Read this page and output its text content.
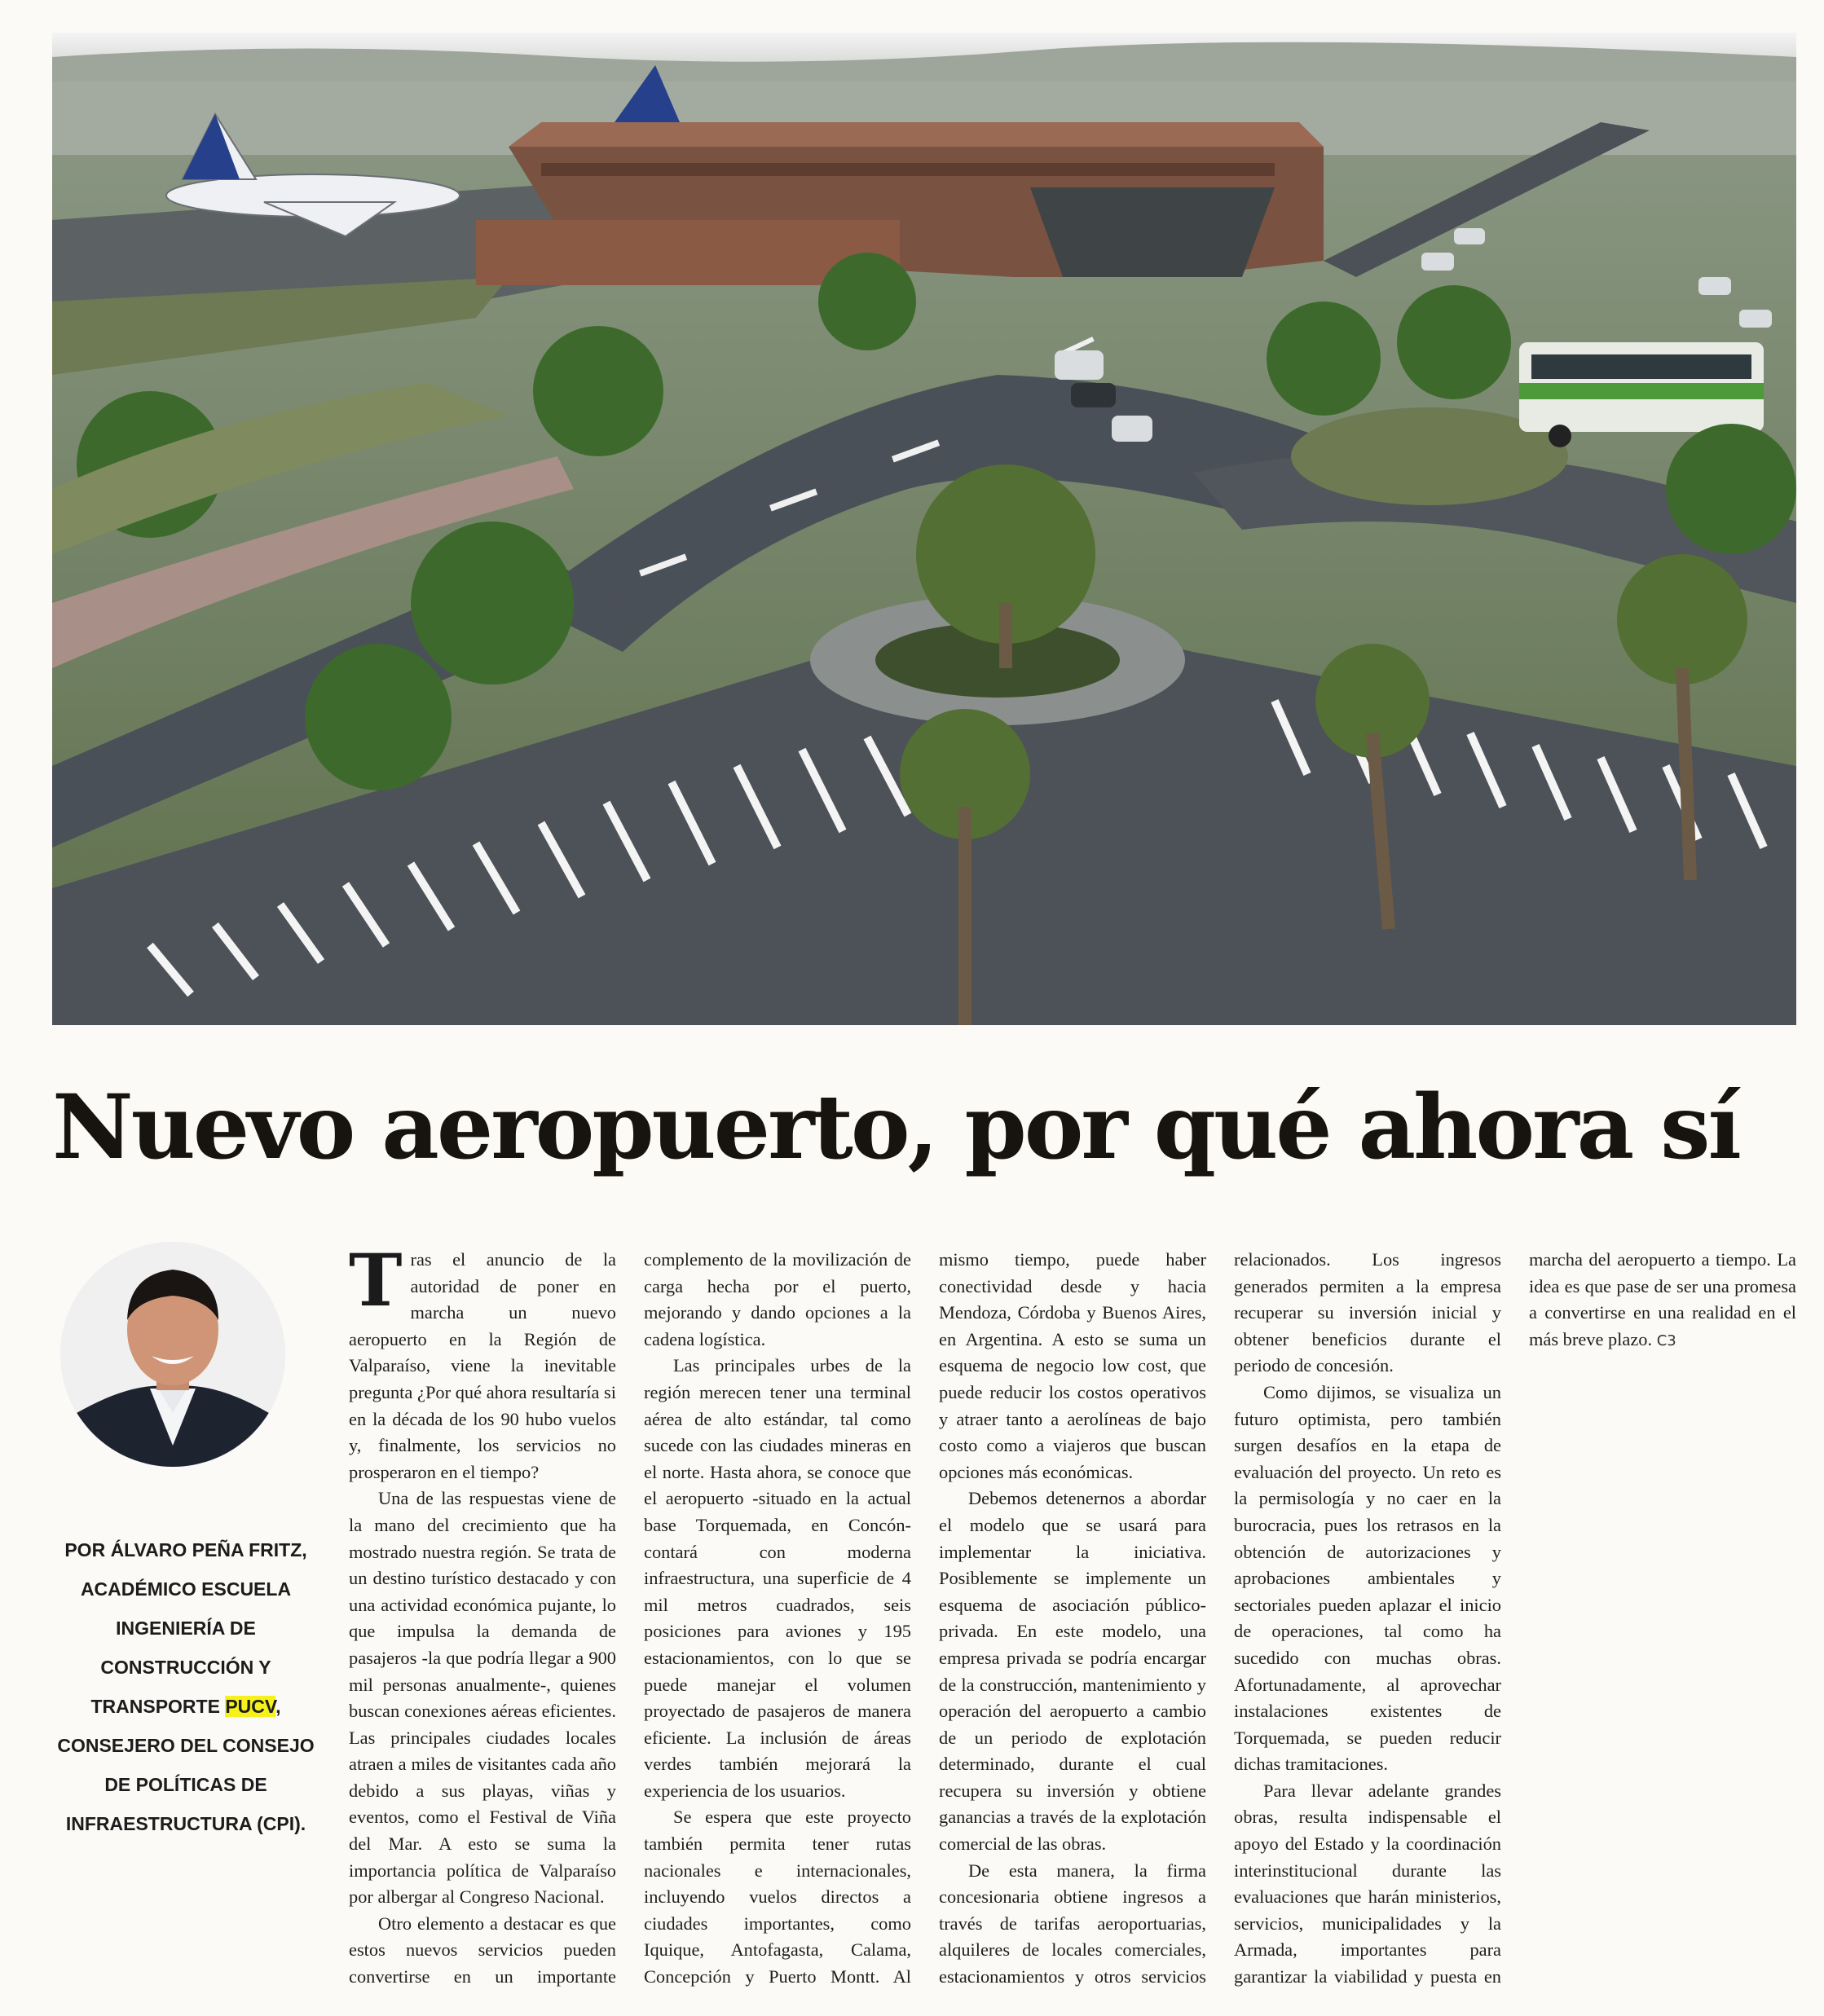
Nuevo aeropuerto, por qué ahora sí
POR ÁLVARO PEÑA FRITZ, ACADÉMICO ESCUELA INGENIERÍA DE CONSTRUCCIÓN Y TRANSPORTE PUCV, CONSEJERO DEL CONSEJO DE POLÍTICAS DE INFRAESTRUCTURA (CPI).

Tras el anuncio de la autoridad de poner en marcha un nuevo aeropuerto en la Región de Valparaíso, viene la inevitable pregunta ¿Por qué ahora resultaría si en la década de los 90 hubo vuelos y, finalmente, los servicios no prosperaron en el tiempo?

Una de las respuestas viene de la mano del crecimiento que ha mostrado nuestra región. Se trata de un destino turístico destacado y con una actividad económica pujante, lo que impulsa la demanda de pasajeros -la que podría llegar a 900 mil personas anualmente-, quienes buscan conexiones aéreas eficientes. Las principales ciudades locales atraen a miles de visitantes cada año debido a sus playas, viñas y eventos, como el Festival de Viña del Mar. A esto se suma la importancia política de Valparaíso por albergar al Congreso Nacional.

Otro elemento a destacar es que estos nuevos servicios pueden convertirse en un importante complemento de la movilización de carga hecha por el puerto, mejorando y dando opciones a la cadena logística.

Las principales urbes de la región merecen tener una terminal aérea de alto estándar, tal como sucede con las ciudades mineras en el norte. Hasta ahora, se conoce que el aeropuerto -situado en la actual base Torquemada, en Concón- contará con moderna infraestructura, una superficie de 4 mil metros cuadrados, seis posiciones para aviones y 195 estacionamientos, con lo que se puede manejar el volumen proyectado de pasajeros de manera eficiente. La inclusión de áreas verdes también mejorará la experiencia de los usuarios.

Se espera que este proyecto también permita tener rutas nacionales e internacionales, incluyendo vuelos directos a ciudades importantes, como Iquique, Antofagasta, Calama, Concepción y Puerto Montt. Al mismo tiempo, puede haber conectividad desde y hacia Mendoza, Córdoba y Buenos Aires, en Argentina. A esto se suma un esquema de negocio low cost, que puede reducir los costos operativos y atraer tanto a aerolíneas de bajo costo como a viajeros que buscan opciones más económicas.

Debemos detenernos a abordar el modelo que se usará para implementar la iniciativa. Posiblemente se implemente un esquema de asociación público-privada. En este modelo, una empresa privada se podría encargar de la construcción, mantenimiento y operación del aeropuerto a cambio de un periodo de explotación determinado, durante el cual recupera su inversión y obtiene ganancias a través de la explotación comercial de las obras.

De esta manera, la firma concesionaria obtiene ingresos a través de tarifas aeroportuarias, alquileres de locales comerciales, estacionamientos y otros servicios relacionados. Los ingresos generados permiten a la empresa recuperar su inversión inicial y obtener beneficios durante el periodo de concesión.

Como dijimos, se visualiza un futuro optimista, pero también surgen desafíos en la etapa de evaluación del proyecto. Un reto es la permisología y no caer en la burocracia, pues los retrasos en la obtención de autorizaciones y aprobaciones ambientales y sectoriales pueden aplazar el inicio de operaciones, tal como ha sucedido con muchas obras. Afortunadamente, al aprovechar instalaciones existentes de Torquemada, se pueden reducir dichas tramitaciones.

Para llevar adelante grandes obras, resulta indispensable el apoyo del Estado y la coordinación interinstitucional durante las evaluaciones que harán ministerios, servicios, municipalidades y la Armada, importantes para garantizar la viabilidad y puesta en marcha del aeropuerto a tiempo. La idea es que pase de ser una promesa a convertirse en una realidad en el más breve plazo. C3
